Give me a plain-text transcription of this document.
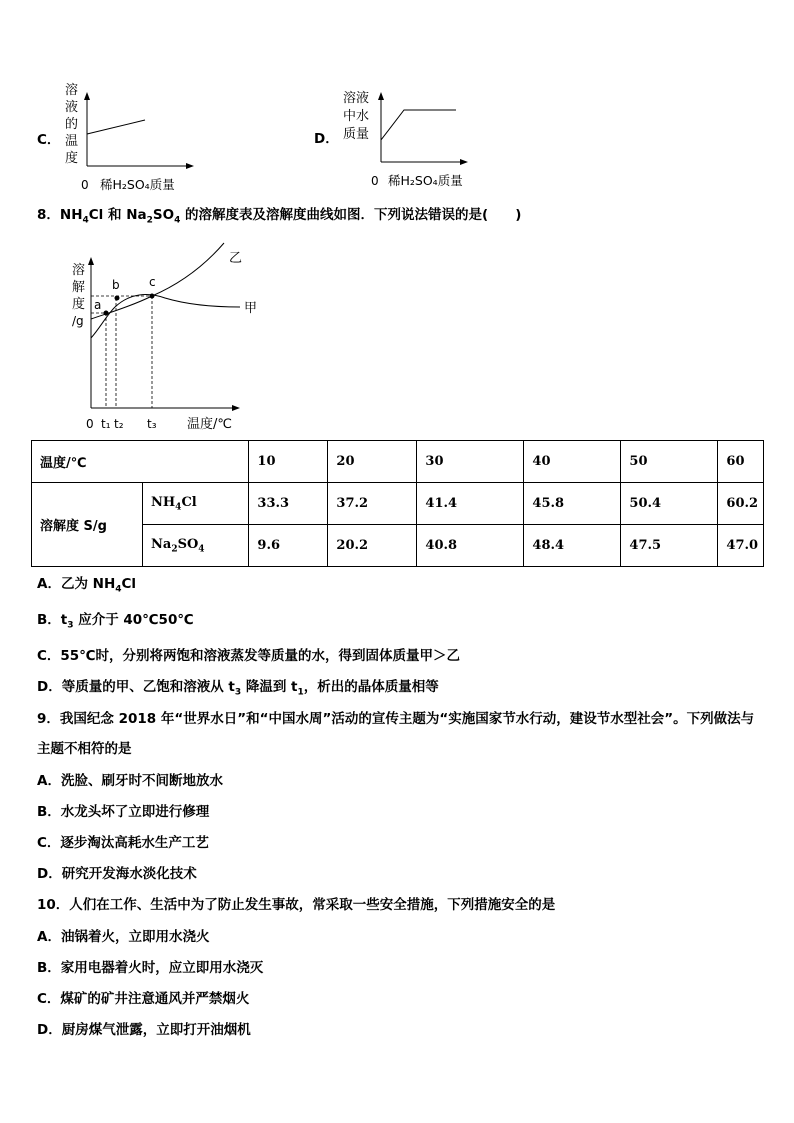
C．
溶
液
的
温
度
0 稀H₂SO₄质量
D．
溶液
中水
质量
0 稀H₂SO₄质量
8．$NH_4Cl$ 和 $Na_2SO_4$ 的溶解度表及溶解度曲线如图．下列说法错误的是(　　)
溶
解
度
/g
a
b c
乙
甲
0 t₁ t₂ t₃ 温度/℃
温度/℃		10	20	30	40	50	60
溶解度 S/g	$NH_4Cl$	33.3	37.2	41.4	45.8	50.4	60.2
	$Na_2SO_4$	9.6	20.2	40.8	48.4	47.5	47.0
A．乙为 $NH_4Cl$
B．$t_3$ 应介于 40℃50℃
C．55℃时，分别将两饱和溶液蒸发等质量的水，得到固体质量甲＞乙
D．等质量的甲、乙饱和溶液从 $t_3$ 降温到 $t_1$，析出的晶体质量相等
9．我国纪念 2018 年“世界水日”和“中国水周”活动的宣传主题为“实施国家节水行动，建设节水型社会”。下列做法与
主题不相符的是
A．洗脸、刷牙时不间断地放水
B．水龙头坏了立即进行修理
C．逐步淘汰高耗水生产工艺
D．研究开发海水淡化技术
10．人们在工作、生活中为了防止发生事故，常采取一些安全措施，下列措施安全的是
A．油锅着火，立即用水浇火
B．家用电器着火时，应立即用水浇灭
C．煤矿的矿井注意通风并严禁烟火
D．厨房煤气泄露，立即打开油烟机
